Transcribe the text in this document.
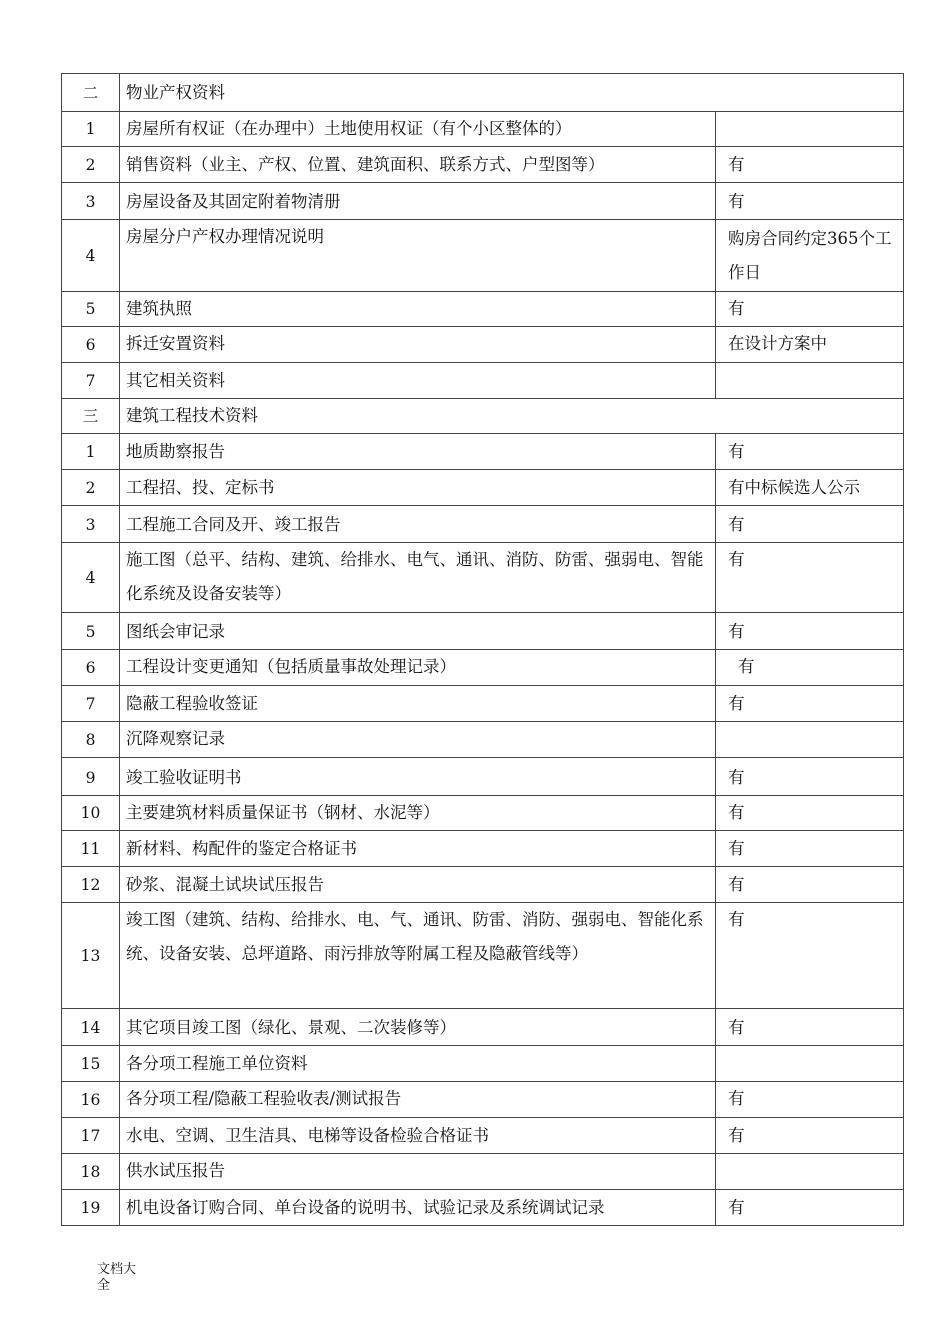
二	物业产权资料	
1	房屋所有权证（在办理中）土地使用权证（有个小区整体的）	
2	销售资料（业主、产权、位置、建筑面积、联系方式、户型图等）	有
3	房屋设备及其固定附着物清册	有
4	房屋分户产权办理情况说明	购房合同约定365个工作日
5	建筑执照	有
6	拆迁安置资料	在设计方案中
7	其它相关资料	
三	建筑工程技术资料	
1	地质勘察报告	有
2	工程招、投、定标书	有中标候选人公示
3	工程施工合同及开、竣工报告	有
4	施工图（总平、结构、建筑、给排水、电气、通讯、消防、防雷、强弱电、智能化系统及设备安装等）	有
5	图纸会审记录	有
6	工程设计变更通知（包括质量事故处理记录）	有
7	隐蔽工程验收签证	有
8	沉降观察记录	
9	竣工验收证明书	有
10	主要建筑材料质量保证书（钢材、水泥等）	有
11	新材料、构配件的鉴定合格证书	有
12	砂浆、混凝土试块试压报告	有
13	竣工图（建筑、结构、给排水、电、气、通讯、防雷、消防、强弱电、智能化系统、设备安装、总坪道路、雨污排放等附属工程及隐蔽管线等）	有
14	其它项目竣工图（绿化、景观、二次装修等）	有
15	各分项工程施工单位资料	
16	各分项工程/隐蔽工程验收表/测试报告	有
17	水电、空调、卫生洁具、电梯等设备检验合格证书	有
18	供水试压报告	
19	机电设备订购合同、单台设备的说明书、试验记录及系统调试记录	有
文档大全
